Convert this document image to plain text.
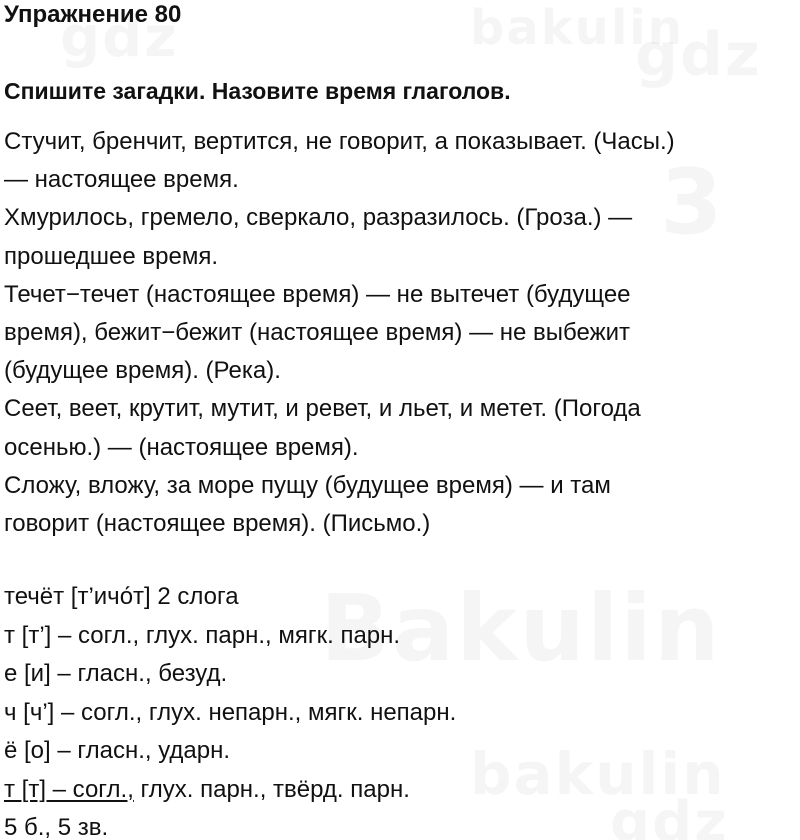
Упражнение 80
Спишите загадки. Назовите время глаголов.
Стучит, бренчит, вертится, не говорит, а показывает. (Часы.)
— настоящее время.
Хмурилось, гремело, сверкало, разразилось. (Гроза.) —
прошедшее время.
Течет−течет (настоящее время) — не вытечет (будущее
время), бежит−бежит (настоящее время) — не выбежит
(будущее время). (Река).
Сеет, веет, крутит, мутит, и ревет, и льет, и метет. (Погода
осенью.) — (настоящее время).
Сложу, вложу, за море пущу (будущее время) — и там
говорит (настоящее время). (Письмо.)
течёт [т’ичо́т] 2 слога
т [т’] – согл., глух. парн., мягк. парн.
е [и] – гласн., безуд.
ч [ч’] – согл., глух. непарн., мягк. непарн.
ё [о] – гласн., ударн.
т [т] – согл., глух. парн., твёрд. парн.
5 б., 5 зв.
